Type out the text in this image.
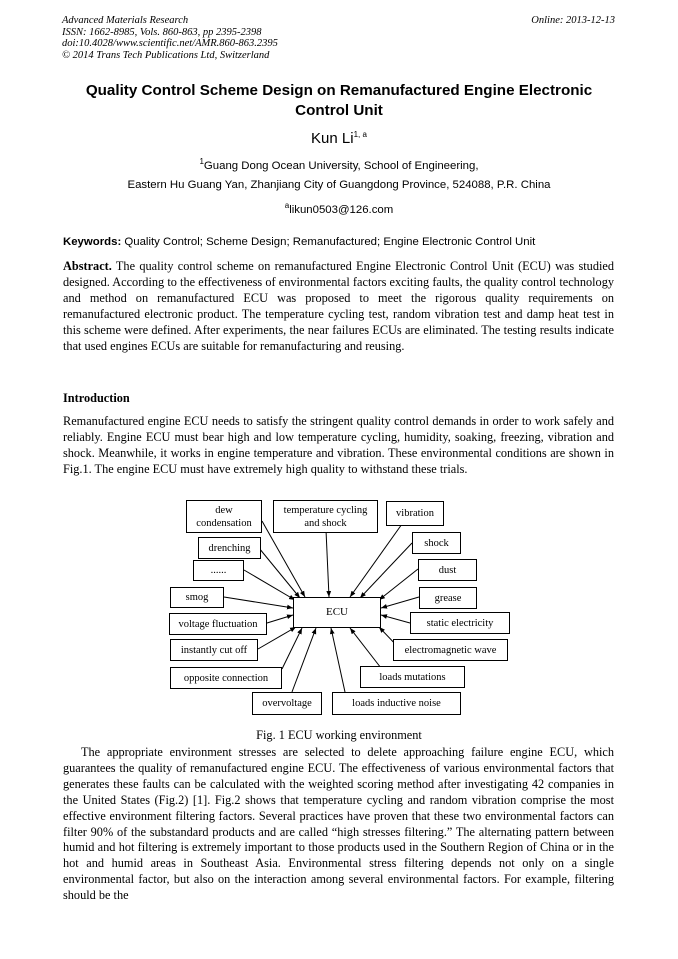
Advanced Materials Research
ISSN: 1662-8985, Vols. 860-863, pp 2395-2398
doi:10.4028/www.scientific.net/AMR.860-863.2395
© 2014 Trans Tech Publications Ltd, Switzerland
Online: 2013-12-13
Quality Control Scheme Design on Remanufactured Engine Electronic
Control Unit
Kun Li$^{1, a}$
$^1$Guang Dong Ocean University, School of Engineering,
Eastern Hu Guang Yan, Zhanjiang City of Guangdong Province, 524088, P.R. China
$^a$likun0503@126.com
Keywords: Quality Control; Scheme Design; Remanufactured; Engine Electronic Control Unit
Abstract. The quality control scheme on remanufactured Engine Electronic Control Unit (ECU) was studied designed. According to the effectiveness of environmental factors exciting faults, the quality control technology and method on remanufactured ECU was proposed to meet the rigorous quality requirements on remanufactured electronic product. The temperature cycling test, random vibration test and damp heat test in this scheme were defined. After experiments, the near failures ECUs are eliminated. The testing results indicate that used engines ECUs are suitable for remanufacturing and reusing.
Introduction
Remanufactured engine ECU needs to satisfy the stringent quality control demands in order to work safely and reliably. Engine ECU must bear high and low temperature cycling, humidity, soaking, freezing, vibration and shock. Meanwhile, it works in engine temperature and vibration. These environmental conditions are shown in Fig.1. The engine ECU must have extremely high quality to withstand these trials.
dew
condensation
temperature cycling
and shock
vibration
drenching	shock
......	dust
smog	grease
ECU
voltage fluctuation	static electricity
instantly cut off	electromagnetic wave
opposite connection	loads mutations
overvoltage	loads inductive noise
Fig. 1 ECU working environment
The appropriate environment stresses are selected to delete approaching failure engine ECU, which guarantees the quality of remanufactured engine ECU. The effectiveness of various environmental factors that generates these faults can be calculated with the weighted scoring method after investigating 42 companies in the United States (Fig.2) [1]. Fig.2 shows that temperature cycling and random vibration comprise the most effective environment filtering factors. Several practices have proven that these two environmental factors can filter 90% of the substandard products and are called “high stresses filtering.” The alternating pattern between humid and hot filtering is extremely important to those products used in the Southern Region of China or in the hot and humid areas in Southeast Asia. Environmental stress filtering depends not only on a single environmental factor, but also on the interaction among several environmental factors. For example, filtering should be the
